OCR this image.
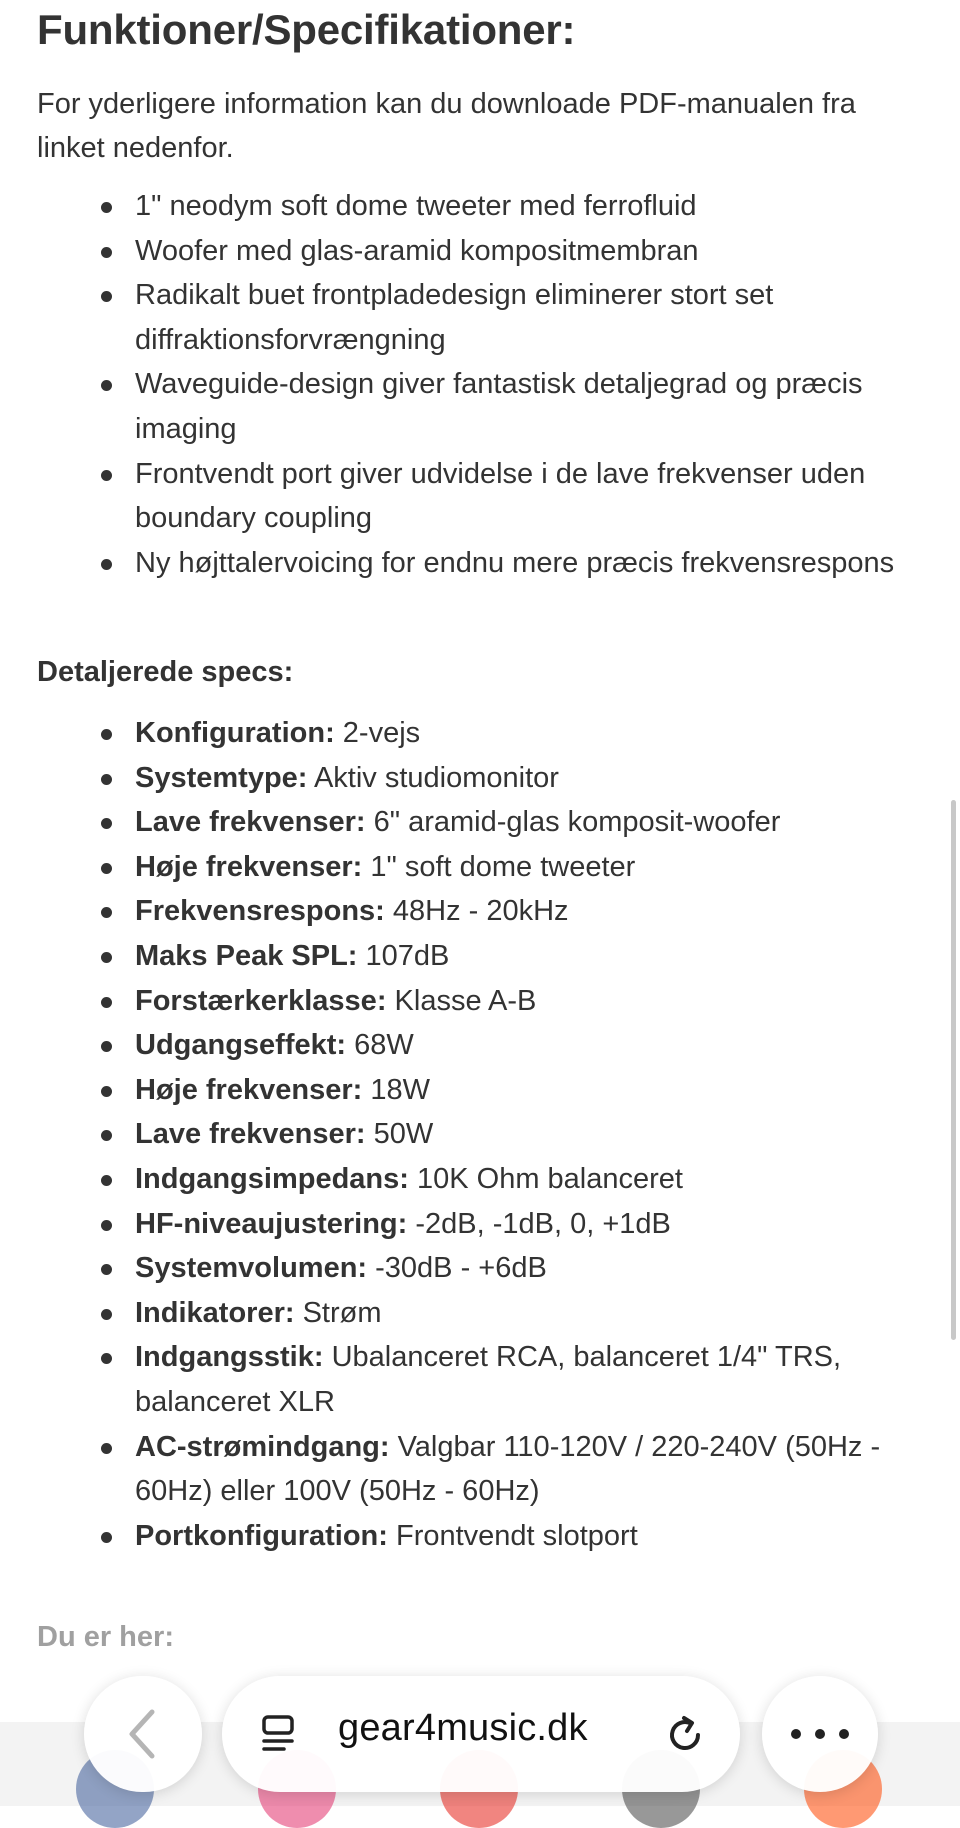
Funktioner/Specifikationer:

For yderligere information kan du downloade PDF-manualen fra linket nedenfor.

1" neodym soft dome tweeter med ferrofluid
Woofer med glas-aramid kompositmembran
Radikalt buet frontpladedesign eliminerer stort set diffraktionsforvrængning
Waveguide-design giver fantastisk detaljegrad og præcis imaging
Frontvendt port giver udvidelse i de lave frekvenser uden boundary coupling
Ny højttalervoicing for endnu mere præcis frekvensrespons

Detaljerede specs:

Konfiguration: 2-vejs
Systemtype: Aktiv studiomonitor
Lave frekvenser: 6" aramid-glas komposit-woofer
Høje frekvenser: 1" soft dome tweeter
Frekvensrespons: 48Hz - 20kHz
Maks Peak SPL: 107dB
Forstærkerklasse: Klasse A-B
Udgangseffekt: 68W
Høje frekvenser: 18W
Lave frekvenser: 50W
Indgangsimpedans: 10K Ohm balanceret
HF-niveaujustering: -2dB, -1dB, 0, +1dB
Systemvolumen: -30dB - +6dB
Indikatorer: Strøm
Indgangsstik: Ubalanceret RCA, balanceret 1/4" TRS, balanceret XLR
AC-strømindgang: Valgbar 110-120V / 220-240V (50Hz - 60Hz) eller 100V (50Hz - 60Hz)
Portkonfiguration: Frontvendt slotport

Du er her:

gear4music.dk
